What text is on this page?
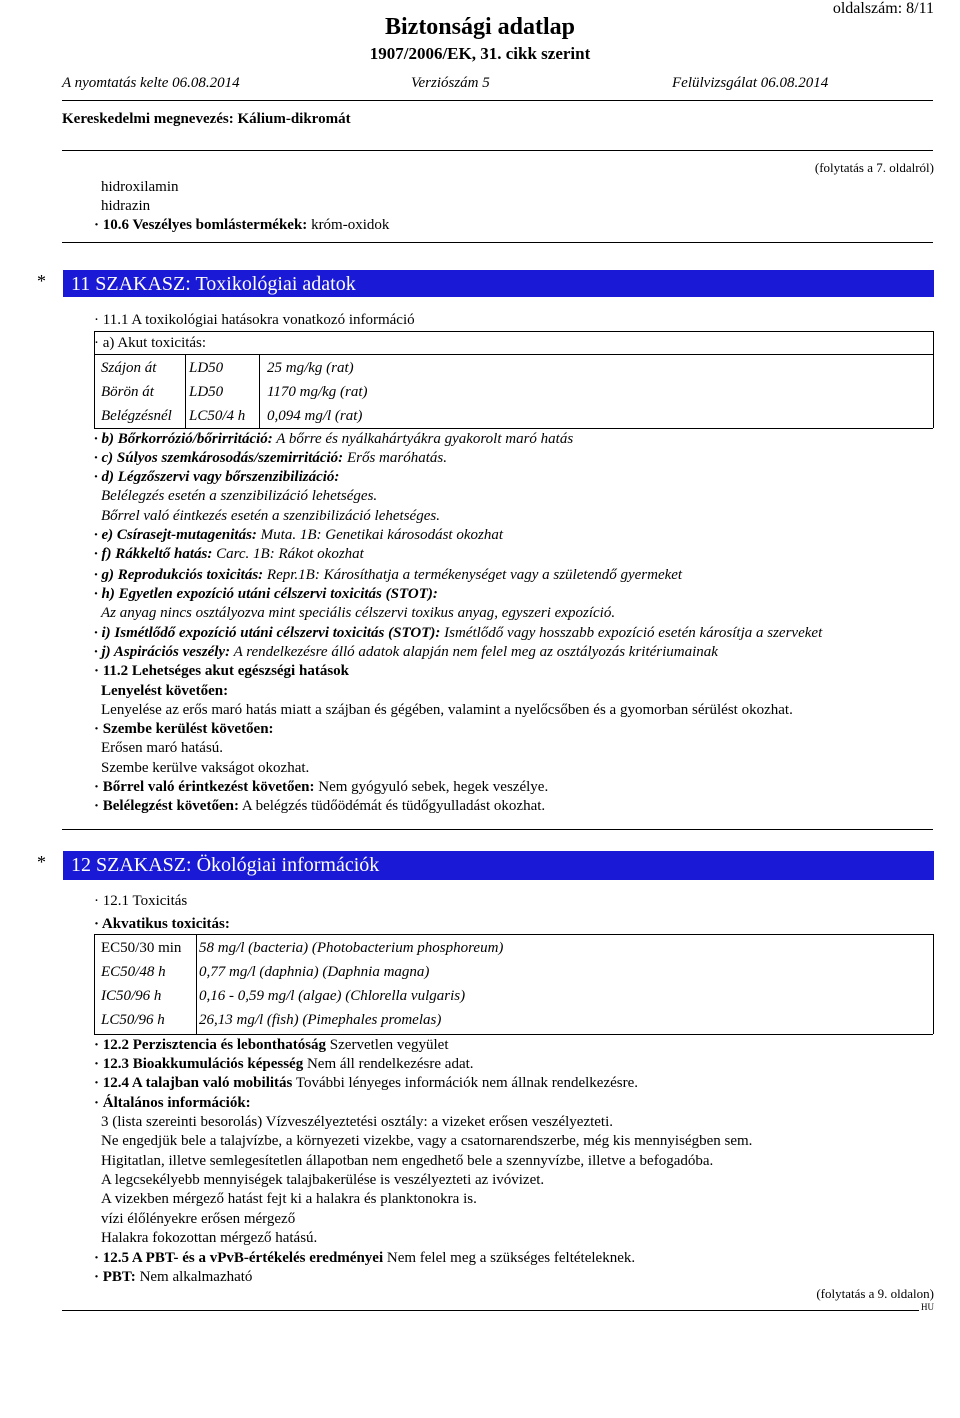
oldalszám: 8/11
Biztonsági adatlap
1907/2006/EK, 31. cikk szerint
A nyomtatás kelte 06.08.2014	Verziószám 5	Felülvizsgálat 06.08.2014
Kereskedelmi megnevezés: Kálium-dikromát
(folytatás a 7. oldalról)
hidroxilamin
hidrazin
· 10.6 Veszélyes bomlástermékek: króm-oxidok
*	11 SZAKASZ: Toxikológiai adatok
· 11.1 A toxikológiai hatásokra vonatkozó információ
· a) Akut toxicitás:
Szájon át	LD50	25 mg/kg (rat)
Börön át	LD50	1170 mg/kg (rat)
Belégzésnél	LC50/4 h	0,094 mg/l (rat)
· b) Bőrkorrózió/bőrirritáció: A bőrre és nyálkahártyákra gyakorolt maró hatás
· c) Súlyos szemkárosodás/szemirritáció: Erős maróhatás.
· d) Légzőszervi vagy bőrszenzibilizáció:
Belélegzés esetén a szenzibilizáció lehetséges.
Bőrrel való éintkezés esetén a szenzibilizáció lehetséges.
· e) Csírasejt-mutagenitás: Muta. 1B: Genetikai károsodást okozhat
· f) Rákkeltő hatás: Carc. 1B: Rákot okozhat
· g) Reprodukciós toxicitás: Repr.1B: Károsíthatja a termékenységet vagy a születendő gyermeket
· h) Egyetlen expozíció utáni célszervi toxicitás (STOT):
Az anyag nincs osztályozva mint speciális célszervi toxikus anyag, egyszeri expozíció.
· i) Ismétlődő expozíció utáni célszervi toxicitás (STOT): Ismétlődő vagy hosszabb expozíció esetén károsítja a szerveket
· j) Aspirációs veszély: A rendelkezésre álló adatok alapján nem felel meg az osztályozás kritériumainak
· 11.2 Lehetséges akut egészségi hatások
Lenyelést követően:
Lenyelése az erős maró hatás miatt a szájban és gégében, valamint a nyelőcsőben és a gyomorban sérülést okozhat.
· Szembe kerülést követően:
Erősen maró hatású.
Szembe kerülve vakságot okozhat.
· Bőrrel való érintkezést követően: Nem gyógyuló sebek, hegek veszélye.
· Belélegzést követően: A belégzés tüdőödémát és tüdőgyulladást okozhat.
*	12 SZAKASZ: Ökológiai információk
· 12.1 Toxicitás
· Akvatikus toxicitás:
EC50/30 min	58 mg/l (bacteria) (Photobacterium phosphoreum)
EC50/48 h	0,77 mg/l (daphnia) (Daphnia magna)
IC50/96 h	0,16 - 0,59 mg/l (algae) (Chlorella vulgaris)
LC50/96 h	26,13 mg/l (fish) (Pimephales promelas)
· 12.2 Perzisztencia és lebonthatóság Szervetlen vegyület
· 12.3 Bioakkumulációs képesség Nem áll rendelkezésre adat.
· 12.4 A talajban való mobilitás További lényeges információk nem állnak rendelkezésre.
· Általános információk:
3 (lista szereinti besorolás) Vízveszélyeztetési osztály: a vizeket erősen veszélyezteti.
Ne engedjük bele a talajvízbe, a környezeti vizekbe, vagy a csatornarendszerbe, még kis mennyiségben sem.
Higitatlan, illetve semlegesítetlen állapotban nem engedhető bele a szennyvízbe, illetve a befogadóba.
A legcsekélyebb mennyiségek talajbakerülése is veszélyezteti az ivóvizet.
A vizekben mérgező hatást fejt ki a halakra és planktonokra is.
vízi élőlényekre erősen mérgező
Halakra fokozottan mérgező hatású.
· 12.5 A PBT- és a vPvB-értékelés eredményei Nem felel meg a szükséges feltételeknek.
· PBT: Nem alkalmazható
(folytatás a 9. oldalon)
HU
